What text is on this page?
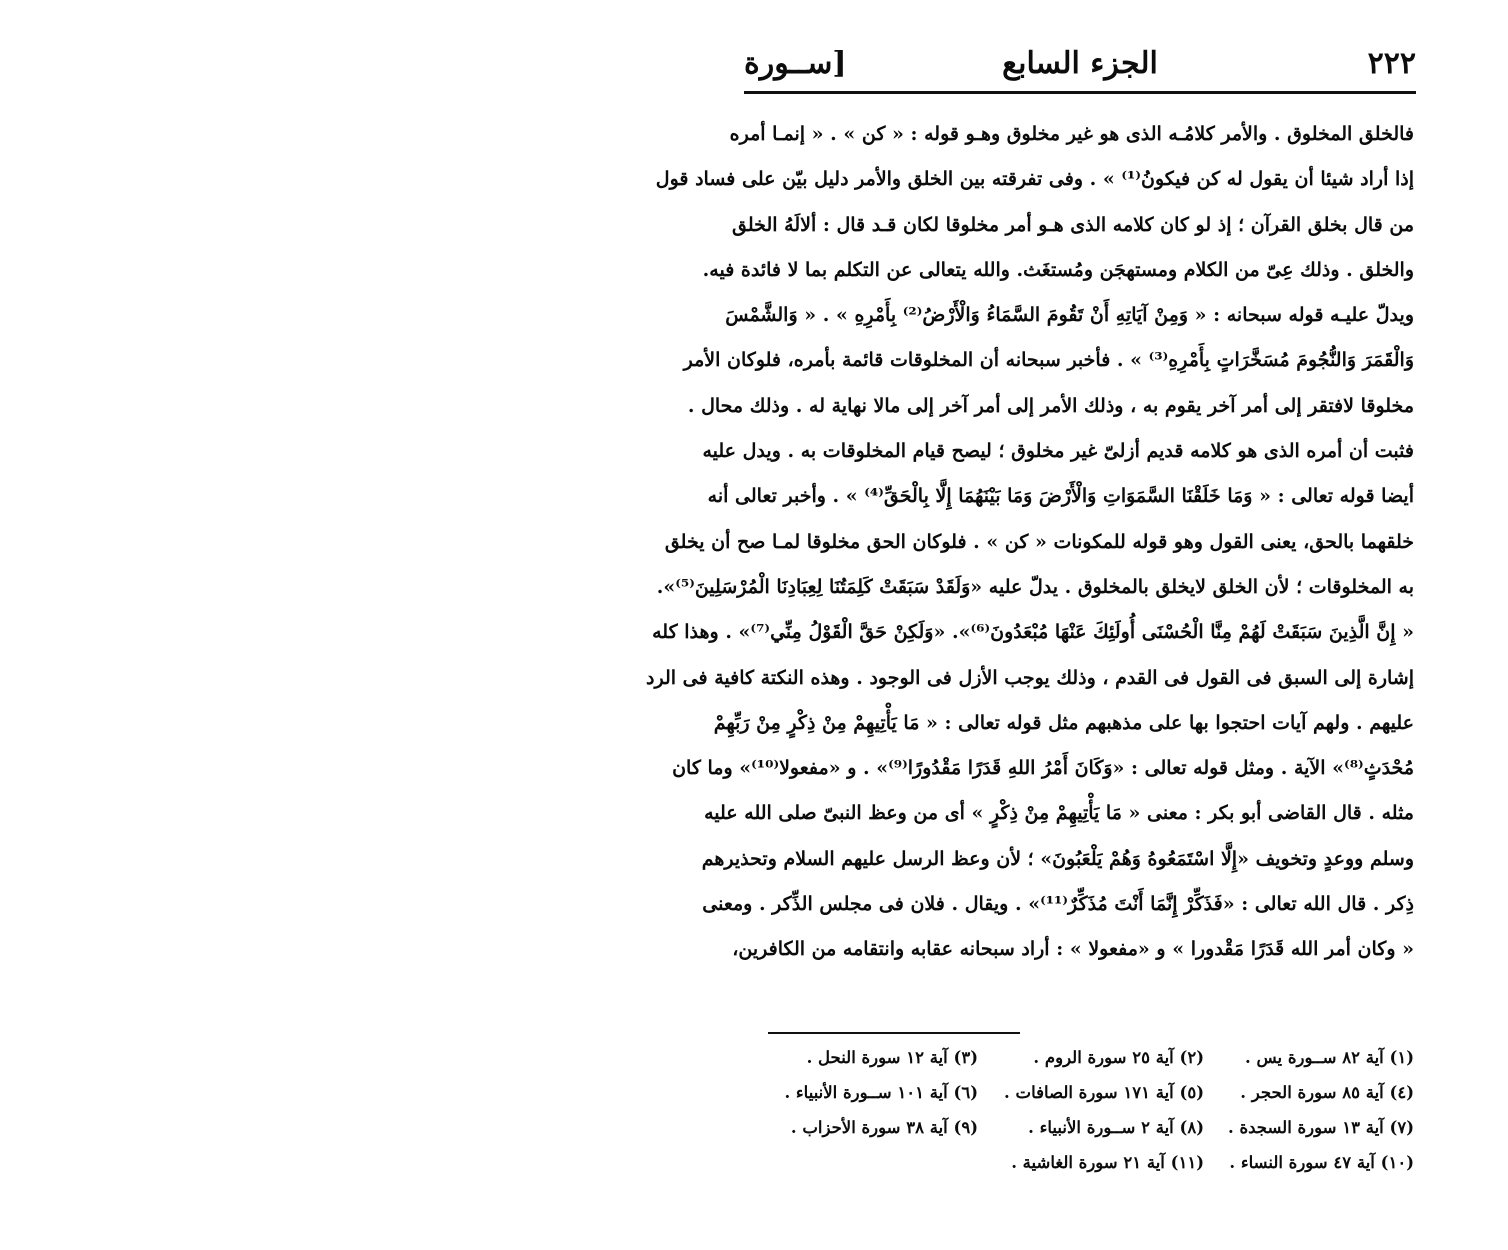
٢٢٢
الجزء السابع
[ســورة
فالخلق المخلوق . والأمر كلامُـه الذى هو غير مخلوق وهـو قوله : « كن » . « إنمـا أمره
إذا أراد شيئا أن يقول له كن فيكونُ⁽¹⁾ » . وفى تفرقته بين الخلق والأمر دليل بيّن على فساد قول
من قال بخلق القرآن ؛ إذ لو كان كلامه الذى هـو أمر مخلوقا لكان قـد قال : ألالَهُ الخلق
والخلق . وذلك عِىّ من الكلام ومستهجَن ومُستغَث. والله يتعالى عن التكلم بما لا فائدة فيه.
ويدلّ عليـه قوله سبحانه : « وَمِنْ آيَاتِهِ أَنْ تَقُومَ السَّمَاءُ وَالْأَرْضُ⁽²⁾ بِأَمْرِهِ » . « وَالشَّمْسَ
وَالْقَمَرَ وَالنُّجُومَ مُسَخَّرَاتٍ بِأَمْرِهِ⁽³⁾ » . فأخبر سبحانه أن المخلوقات قائمة بأمره، فلوكان الأمر
مخلوقا لافتقر إلى أمر آخر يقوم به ، وذلك الأمر إلى أمر آخر إلى مالا نهاية له . وذلك محال .
فثبت أن أمره الذى هو كلامه قديم أزلىّ غير مخلوق ؛ ليصح قيام المخلوقات به . ويدل عليه
أيضا قوله تعالى : « وَمَا خَلَقْنَا السَّمَوَاتِ وَالْأَرْضَ وَمَا بَيْنَهُمَا إِلَّا بِالْحَقِّ⁽⁴⁾ » . وأخبر تعالى أنه
خلقهما بالحق، يعنى القول وهو قوله للمكونات « كن » . فلوكان الحق مخلوقا لمـا صح أن يخلق
به المخلوقات ؛ لأن الخلق لايخلق بالمخلوق . يدلّ عليه «وَلَقَدْ سَبَقَتْ كَلِمَتُنَا لِعِبَادِنَا الْمُرْسَلِينَ⁽⁵⁾».
« إِنَّ الَّذِينَ سَبَقَتْ لَهُمْ مِنَّا الْحُسْنَى أُولَئِكَ عَنْهَا مُبْعَدُونَ⁽⁶⁾». «وَلَكِنْ حَقَّ الْقَوْلُ مِنِّي⁽⁷⁾» . وهذا كله
إشارة إلى السبق فى القول فى القدم ، وذلك يوجب الأزل فى الوجود . وهذه النكتة كافية فى الرد
عليهم . ولهم آيات احتجوا بها على مذهبهم مثل قوله تعالى : « مَا يَأْتِيهِمْ مِنْ ذِكْرٍ مِنْ رَبِّهِمْ
مُحْدَثٍ⁽⁸⁾» الآية . ومثل قوله تعالى : «وَكَانَ أَمْرُ اللهِ قَدَرًا مَقْدُورًا⁽⁹⁾» . و «مفعولا⁽¹⁰⁾» وما كان
مثله . قال القاضى أبو بكر : معنى « مَا يَأْتِيهِمْ مِنْ ذِكْرٍ » أى من وعظ النبىّ صلى الله عليه
وسلم ووعدٍ وتخويف «إِلَّا اسْتَمَعُوهُ وَهُمْ يَلْعَبُونَ» ؛ لأن وعظ الرسل عليهم السلام وتحذيرهم
ذِكر . قال الله تعالى : «فَذَكِّرْ إِنَّمَا أَنْتَ مُذَكِّرٌ⁽¹¹⁾» . ويقال . فلان فى مجلس الذِّكر . ومعنى
« وكان أمر الله قَدَرًا مَقْدورا » و «مفعولا » : أراد سبحانه عقابه وانتقامه من الكافرين،
(١) آية ٨٢ ســورة يس .
(٢) آية ٢٥ سورة الروم .
(٣) آية ١٢ سورة النحل .
(٤) آية ٨٥ سورة الحجر .
(٥) آية ١٧١ سورة الصافات .
(٦) آية ١٠١ ســورة الأنبياء .
(٧) آية ١٣ سورة السجدة .
(٨) آية ٢ ســورة الأنبياء .
(٩) آية ٣٨ سورة الأحزاب .
(١٠) آية ٤٧ سورة النساء .
(١١) آية ٢١ سورة الغاشية .
